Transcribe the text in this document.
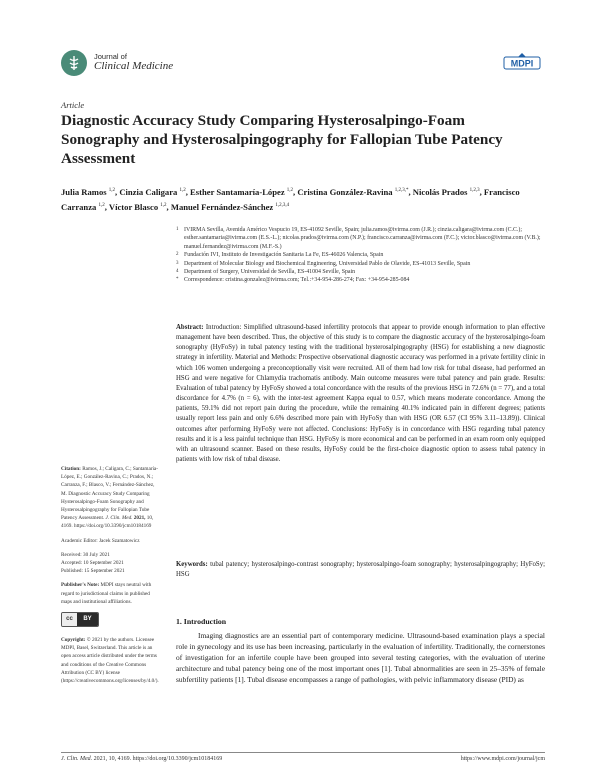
Journal of
Clinical Medicine	MDPI
Article
Diagnostic Accuracy Study Comparing Hysterosalpingo-Foam Sonography and Hysterosalpingography for Fallopian Tube Patency Assessment
Julia Ramos $^{1,2}$, Cinzia Caligara $^{1,2}$, Esther Santamaría-López $^{1,2}$, Cristina González-Ravina $^{1,2,3,*}$, Nicolás Prados $^{1,2,3}$, Francisco Carranza $^{1,2}$, Víctor Blasco $^{1,2}$, Manuel Fernández-Sánchez $^{1,2,3,4}$
1 IVIRMA Sevilla, Avenida Américo Vespucio 19, ES-41092 Seville, Spain; julia.ramos@ivirma.com (J.R.); cinzia.caligara@ivirma.com (C.C.); esther.santamaria@ivirma.com (E.S.-L.); nicolas.prados@ivirma.com (N.P.); francisco.carranza@ivirma.com (F.C.); victor.blasco@ivirma.com (V.B.); manuel.fernandez@ivirma.com (M.F.-S.)
2 Fundación IVI, Instituto de Investigación Sanitaria La Fe, ES-46026 Valencia, Spain
3 Department of Molecular Biology and Biochemical Engineering, Universidad Pablo de Olavide, ES-41013 Seville, Spain
4 Department of Surgery, Universidad de Sevilla, ES-41004 Seville, Spain
* Correspondence: cristina.gonzalez@ivirma.com; Tel.:+34-954-286-274; Fax: +34-954-285-084
Citation: Ramos, J.; Caligara, C.; Santamaría-López, E.; González-Ravina, C.; Prados, N.; Carranza, F.; Blasco, V.; Fernández-Sánchez, M. Diagnostic Accuracy Study Comparing Hysterosalpingo-Foam Sonography and Hysterosalpingography for Fallopian Tube Patency Assessment. J. Clin. Med. 2021, 10, 4169. https://doi.org/10.3390/jcm10184169
Academic Editor: Jacek Szamatowicz
Received: 30 July 2021
Accepted: 10 September 2021
Published: 15 September 2021
Publisher's Note: MDPI stays neutral with regard to jurisdictional claims in published maps and institutional affiliations.
cc	BY
Copyright: © 2021 by the authors. Licensee MDPI, Basel, Switzerland. This article is an open access article distributed under the terms and conditions of the Creative Commons Attribution (CC BY) license (https://creativecommons.org/licenses/by/4.0/).
Abstract: Introduction: Simplified ultrasound-based infertility protocols that appear to provide enough information to plan effective management have been described. Thus, the objective of this study is to compare the diagnostic accuracy of the hysterosalpingo-foam sonography (HyFoSy) in tubal patency testing with the traditional hysterosalpingography (HSG) for establishing a new diagnostic strategy in infertility. Material and Methods: Prospective observational diagnostic accuracy was performed in a private fertility clinic in which 106 women undergoing a preconceptionally visit were recruited. All of them had low risk for tubal disease, had performed an HSG and were negative for Chlamydia trachomatis antibody. Main outcome measures were tubal patency and pain grade. Results: Evaluation of tubal patency by HyFoSy showed a total concordance with the results of the previous HSG in 72.6% (n = 77), and a total discordance for 4.7% (n = 6), with the inter-test agreement Kappa equal to 0.57, which means moderate concordance. Among the patients, 59.1% did not report pain during the procedure, while the remaining 40.1% indicated pain in different degrees; patients usually report less pain and only 6.6% described more pain with HyFoSy than with HSG (OR 6.57 (CI 95% 3.11–13.89)). Clinical outcomes after performing HyFoSy were not affected. Conclusions: HyFoSy is in concordance with HSG regarding tubal patency results and it is a less painful technique than HSG. HyFoSy is more economical and can be performed in an exam room only equipped with an ultrasound scanner. Based on these results, HyFoSy could be the first-choice diagnostic option to assess tubal patency in patients with low risk of tubal disease.
Keywords: tubal patency; hysterosalpingo-contrast sonography; hysterosalpingo-foam sonography; hysterosalpingography; HyFoSy; HSG
1. Introduction

Imaging diagnostics are an essential part of contemporary medicine. Ultrasound-based examination plays a special role in gynecology and its use has been increasing, particularly in the evaluation of infertility. Traditionally, the cornerstones of investigation for an infertile couple have been grouped into several testing categories, with the evaluation of uterine architecture and tubal patency being one of the most important ones [1]. Tubal abnormalities are seen in 25–35% of female subfertility patients [1]. Tubal disease encompasses a range of pathologies, with pelvic inflammatory disease (PID) as

J. Clin. Med. 2021, 10, 4169. https://doi.org/10.3390/jcm10184169	https://www.mdpi.com/journal/jcm
